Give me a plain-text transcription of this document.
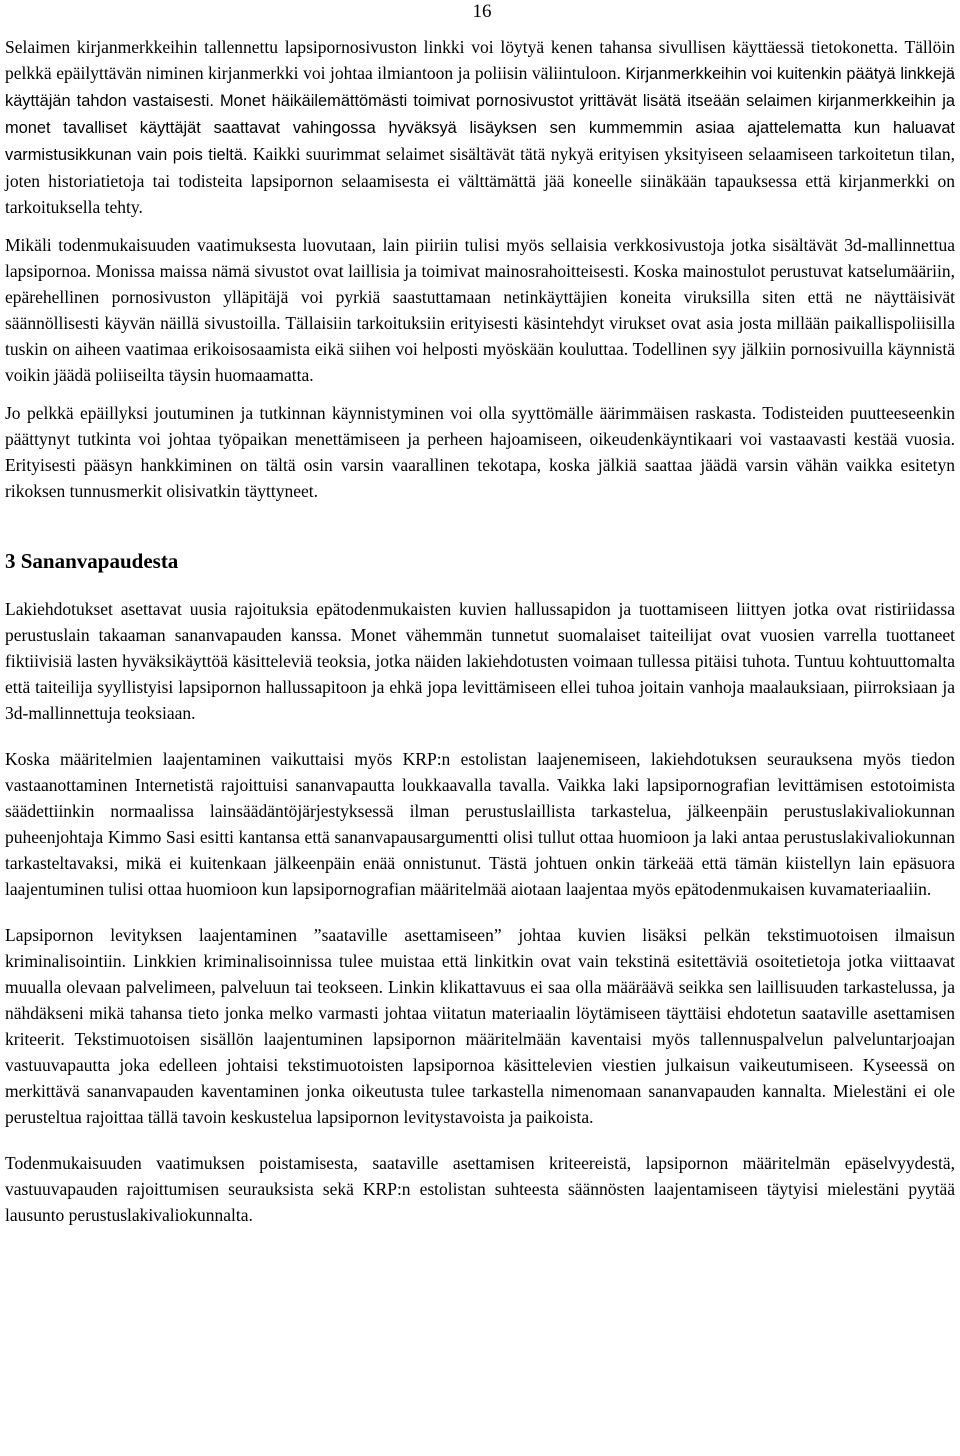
16

Selaimen kirjanmerkkeihin tallennettu lapsipornosivuston linkki voi löytyä kenen tahansa sivullisen käyttäessä tietokonetta. Tällöin pelkkä epäilyttävän niminen kirjanmerkki voi johtaa ilmiantoon ja poliisin väliintuloon. Kirjanmerkkeihin voi kuitenkin päätyä linkkejä käyttäjän tahdon vastaisesti. Monet häikäilemättömästi toimivat pornosivustot yrittävät lisätä itseään selaimen kirjanmerkkeihin ja monet tavalliset käyttäjät saattavat vahingossa hyväksyä lisäyksen sen kummemmin asiaa ajattelematta kun haluavat varmistusikkunan vain pois tieltä. Kaikki suurimmat selaimet sisältävät tätä nykyä erityisen yksityiseen selaamiseen tarkoitetun tilan, joten historiatietoja tai todisteita lapsipornon selaamisesta ei välttämättä jää koneelle siinäkään tapauksessa että kirjanmerkki on tarkoituksella tehty.

Mikäli todenmukaisuuden vaatimuksesta luovutaan, lain piiriin tulisi myös sellaisia verkkosivustoja jotka sisältävät 3d-mallinnettua lapsipornoa. Monissa maissa nämä sivustot ovat laillisia ja toimivat mainosrahoitteisesti. Koska mainostulot perustuvat katselumääriin, epärehellinen pornosivuston ylläpitäjä voi pyrkiä saastuttamaan netinkäyttäjien koneita viruksilla siten että ne näyttäisivät säännöllisesti käyvän näillä sivustoilla. Tällaisiin tarkoituksiin erityisesti käsintehdyt virukset ovat asia josta millään paikallispoliisilla tuskin on aiheen vaatimaa erikoisosaamista eikä siihen voi helposti myöskään kouluttaa. Todellinen syy jälkiin pornosivuilla käynnistä voikin jäädä poliiseilta täysin huomaamatta.

Jo pelkkä epäillyksi joutuminen ja tutkinnan käynnistyminen voi olla syyttömälle äärimmäisen raskasta. Todisteiden puutteeseenkin päättynyt tutkinta voi johtaa työpaikan menettämiseen ja perheen hajoamiseen, oikeudenkäyntikaari voi vastaavasti kestää vuosia. Erityisesti pääsyn hankkiminen on tältä osin varsin vaarallinen tekotapa, koska jälkiä saattaa jäädä varsin vähän vaikka esitetyn rikoksen tunnusmerkit olisivatkin täyttyneet.

3 Sananvapaudesta

Lakiehdotukset asettavat uusia rajoituksia epätodenmukaisten kuvien hallussapidon ja tuottamiseen liittyen jotka ovat ristiriidassa perustuslain takaaman sananvapauden kanssa. Monet vähemmän tunnetut suomalaiset taiteilijat ovat vuosien varrella tuottaneet fiktiivisiä lasten hyväksikäyttöä käsitteleviä teoksia, jotka näiden lakiehdotusten voimaan tullessa pitäisi tuhota. Tuntuu kohtuuttomalta että taiteilija syyllistyisi lapsipornon hallussapitoon ja ehkä jopa levittämiseen ellei tuhoa joitain vanhoja maalauksiaan, piirroksiaan ja 3d-mallinnettuja teoksiaan.

Koska määritelmien laajentaminen vaikuttaisi myös KRP:n estolistan laajenemiseen, lakiehdotuksen seurauksena myös tiedon vastaanottaminen Internetistä rajoittuisi sananvapautta loukkaavalla tavalla. Vaikka laki lapsipornografian levittämisen estotoimista säädettiinkin normaalissa lainsäädäntöjärjestyksessä ilman perustuslaillista tarkastelua, jälkeenpäin perustuslakivaliokunnan puheenjohtaja Kimmo Sasi esitti kantansa että sananvapausargumentti olisi tullut ottaa huomioon ja laki antaa perustuslakivaliokunnan tarkasteltavaksi, mikä ei kuitenkaan jälkeenpäin enää onnistunut. Tästä johtuen onkin tärkeää että tämän kiistellyn lain epäsuora laajentuminen tulisi ottaa huomioon kun lapsipornografian määritelmää aiotaan laajentaa myös epätodenmukaisen kuvamateriaaliin.

Lapsipornon levityksen laajentaminen ”saataville asettamiseen” johtaa kuvien lisäksi pelkän tekstimuotoisen ilmaisun kriminalisointiin. Linkkien kriminalisoinnissa tulee muistaa että linkitkin ovat vain tekstinä esitettäviä osoitetietoja jotka viittaavat muualla olevaan palvelimeen, palveluun tai teokseen. Linkin klikattavuus ei saa olla määräävä seikka sen laillisuuden tarkastelussa, ja nähdäkseni mikä tahansa tieto jonka melko varmasti johtaa viitatun materiaalin löytämiseen täyttäisi ehdotetun saataville asettamisen kriteerit. Tekstimuotoisen sisällön laajentuminen lapsipornon määritelmään kaventaisi myös tallennuspalvelun palveluntarjoajan vastuuvapautta joka edelleen johtaisi tekstimuotoisten lapsipornoa käsittelevien viestien julkaisun vaikeutumiseen. Kyseessä on merkittävä sananvapauden kaventaminen jonka oikeutusta tulee tarkastella nimenomaan sananvapauden kannalta. Mielestäni ei ole perusteltua rajoittaa tällä tavoin keskustelua lapsipornon levitystavoista ja paikoista.

Todenmukaisuuden vaatimuksen poistamisesta, saataville asettamisen kriteereistä, lapsipornon määritelmän epäselvyydestä, vastuuvapauden rajoittumisen seurauksista sekä KRP:n estolistan suhteesta säännösten laajentamiseen täytyisi mielestäni pyytää lausunto perustuslakivaliokunnalta.
